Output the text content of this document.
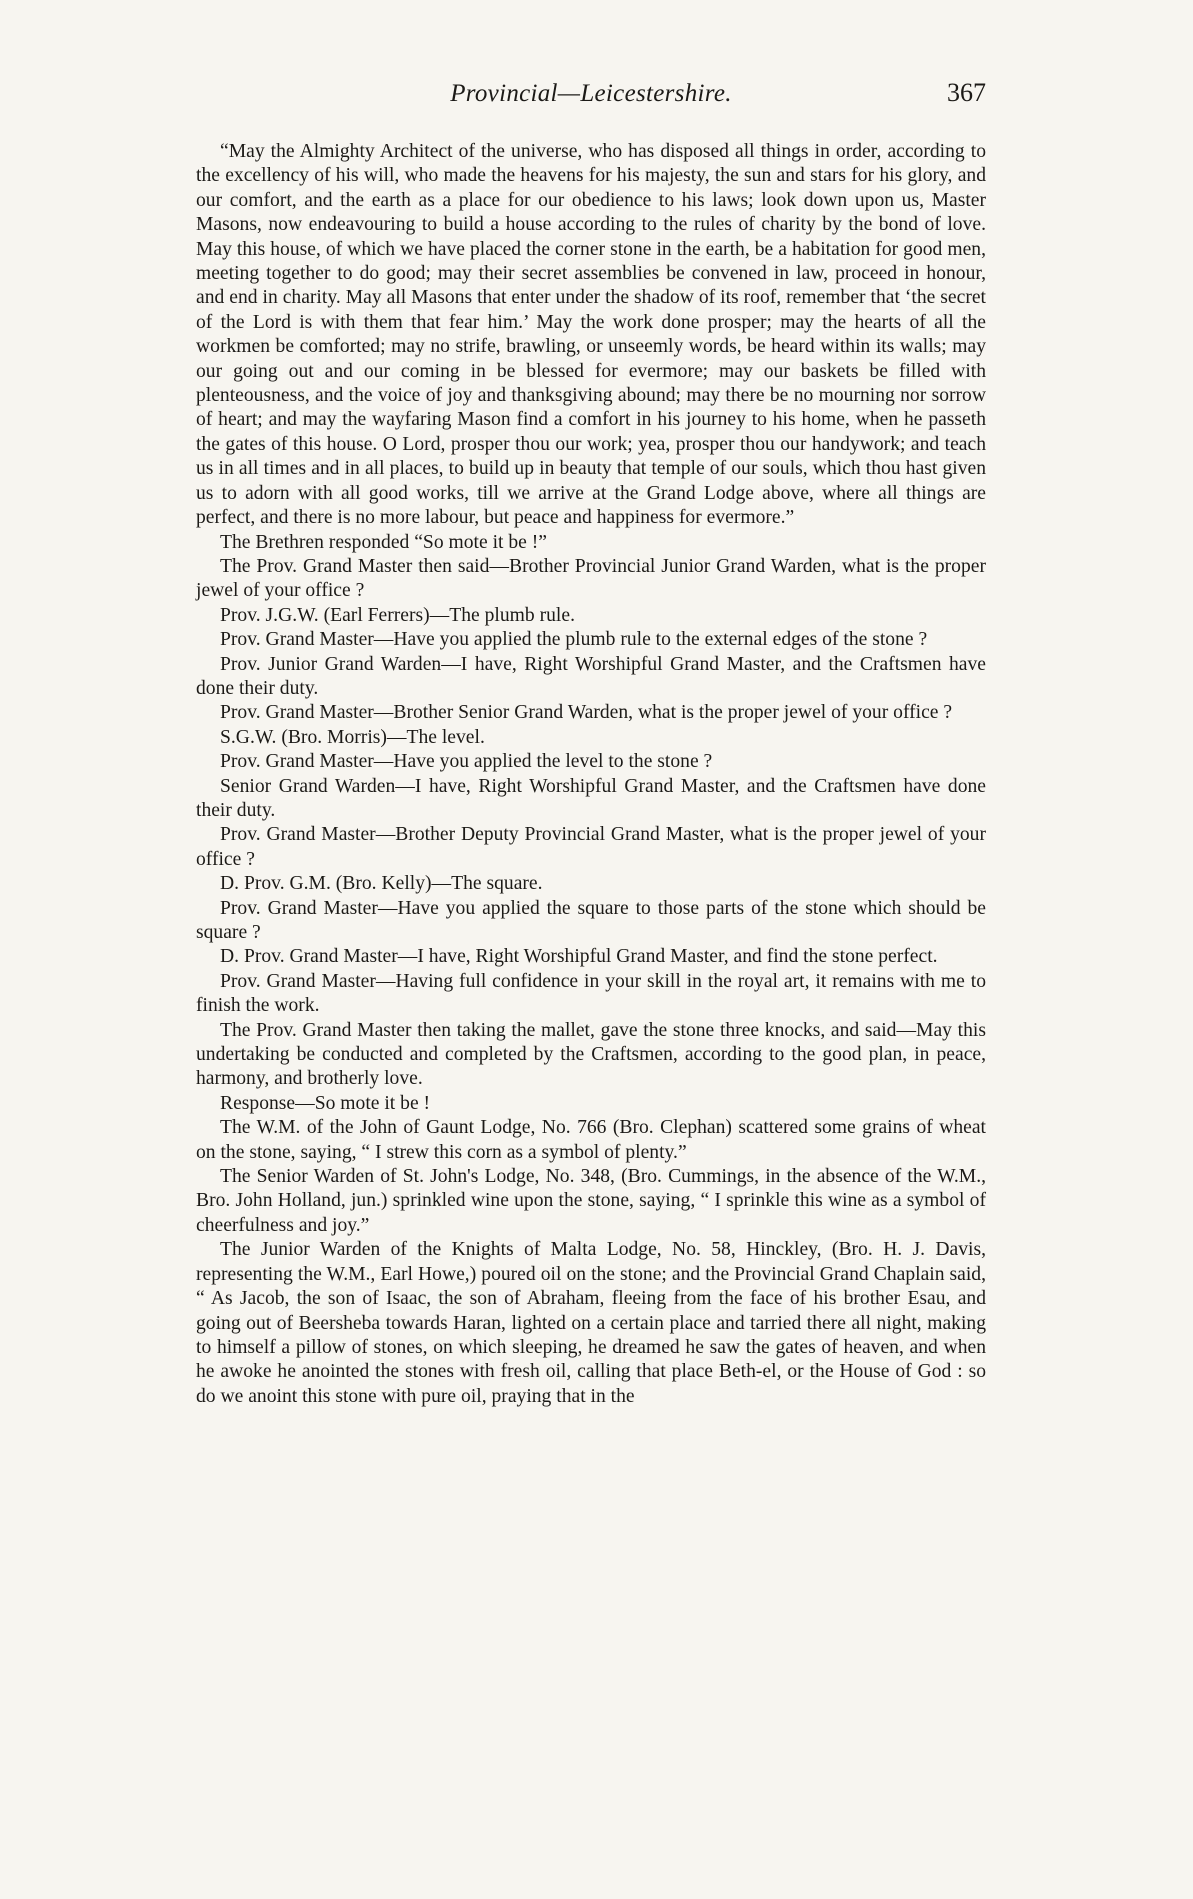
Provincial—Leicestershire.	367

“May the Almighty Architect of the universe, who has disposed all things in order, according to the excellency of his will, who made the heavens for his majesty, the sun and stars for his glory, and our comfort, and the earth as a place for our obedience to his laws; look down upon us, Master Masons, now endeavouring to build a house according to the rules of charity by the bond of love. May this house, of which we have placed the corner stone in the earth, be a habitation for good men, meeting together to do good; may their secret assemblies be convened in law, proceed in honour, and end in charity. May all Masons that enter under the shadow of its roof, remember that ‘the secret of the Lord is with them that fear him.’ May the work done prosper; may the hearts of all the workmen be comforted; may no strife, brawling, or unseemly words, be heard within its walls; may our going out and our coming in be blessed for evermore; may our baskets be filled with plenteousness, and the voice of joy and thanksgiving abound; may there be no mourning nor sorrow of heart; and may the wayfaring Mason find a comfort in his journey to his home, when he passeth the gates of this house. O Lord, prosper thou our work; yea, prosper thou our handywork; and teach us in all times and in all places, to build up in beauty that temple of our souls, which thou hast given us to adorn with all good works, till we arrive at the Grand Lodge above, where all things are perfect, and there is no more labour, but peace and happiness for evermore.”

The Brethren responded “So mote it be !”

The Prov. Grand Master then said—Brother Provincial Junior Grand Warden, what is the proper jewel of your office ?

Prov. J.G.W. (Earl Ferrers)—The plumb rule.

Prov. Grand Master—Have you applied the plumb rule to the external edges of the stone ?

Prov. Junior Grand Warden—I have, Right Worshipful Grand Master, and the Craftsmen have done their duty.

Prov. Grand Master—Brother Senior Grand Warden, what is the proper jewel of your office ?

S.G.W. (Bro. Morris)—The level.

Prov. Grand Master—Have you applied the level to the stone ?

Senior Grand Warden—I have, Right Worshipful Grand Master, and the Craftsmen have done their duty.

Prov. Grand Master—Brother Deputy Provincial Grand Master, what is the proper jewel of your office ?

D. Prov. G.M. (Bro. Kelly)—The square.

Prov. Grand Master—Have you applied the square to those parts of the stone which should be square ?

D. Prov. Grand Master—I have, Right Worshipful Grand Master, and find the stone perfect.

Prov. Grand Master—Having full confidence in your skill in the royal art, it remains with me to finish the work.

The Prov. Grand Master then taking the mallet, gave the stone three knocks, and said—May this undertaking be conducted and completed by the Craftsmen, according to the good plan, in peace, harmony, and brotherly love.

Response—So mote it be !

The W.M. of the John of Gaunt Lodge, No. 766 (Bro. Clephan) scattered some grains of wheat on the stone, saying, “ I strew this corn as a symbol of plenty.”

The Senior Warden of St. John's Lodge, No. 348, (Bro. Cummings, in the absence of the W.M., Bro. John Holland, jun.) sprinkled wine upon the stone, saying, “ I sprinkle this wine as a symbol of cheerfulness and joy.”

The Junior Warden of the Knights of Malta Lodge, No. 58, Hinckley, (Bro. H. J. Davis, representing the W.M., Earl Howe,) poured oil on the stone; and the Provincial Grand Chaplain said, “ As Jacob, the son of Isaac, the son of Abraham, fleeing from the face of his brother Esau, and going out of Beersheba towards Haran, lighted on a certain place and tarried there all night, making to himself a pillow of stones, on which sleeping, he dreamed he saw the gates of heaven, and when he awoke he anointed the stones with fresh oil, calling that place Beth-el, or the House of God : so do we anoint this stone with pure oil, praying that in the
